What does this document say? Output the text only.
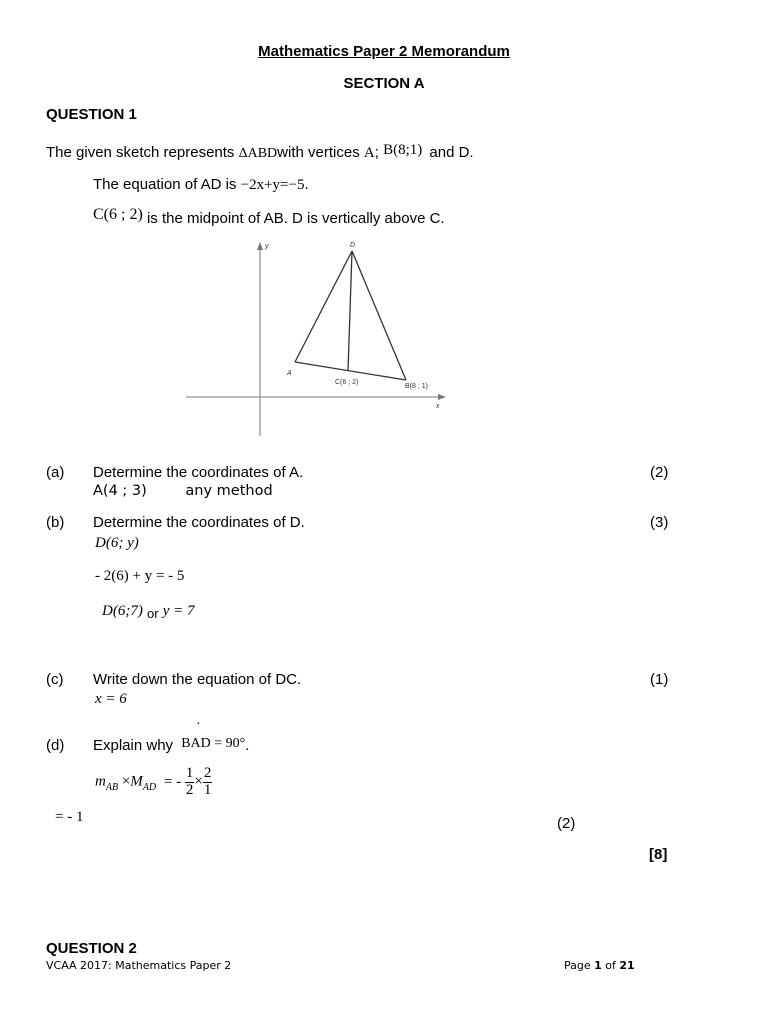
Mathematics Paper 2 Memorandum
SECTION A
QUESTION 1
The given sketch represents ΔABDwith vertices A; B(8;1) and D.
The equation of AD is −2x+y=−5.
C(6 ; 2) is the midpoint of AB. D is vertically above C.
y
x
D
A
C(6 ; 2)
B(8 ; 1)
(a) Determine the coordinates of A.	(2)
A(4 ; 3)	any method
(b) Determine the coordinates of D.	(3)
D(6; y)
- 2(6) + y = - 5
D(6;7) or y = 7
(c) Write down the equation of DC.	(1)
x = 6
(d) Explain why BAD = 90°.
·
$m_{AB} \times M_{AD}$ = - $\frac{1}{2} \times \frac{2}{1}$
= - 1	(2)
[8]
QUESTION 2
VCAA 2017: Mathematics Paper 2	Page 1 of 21
